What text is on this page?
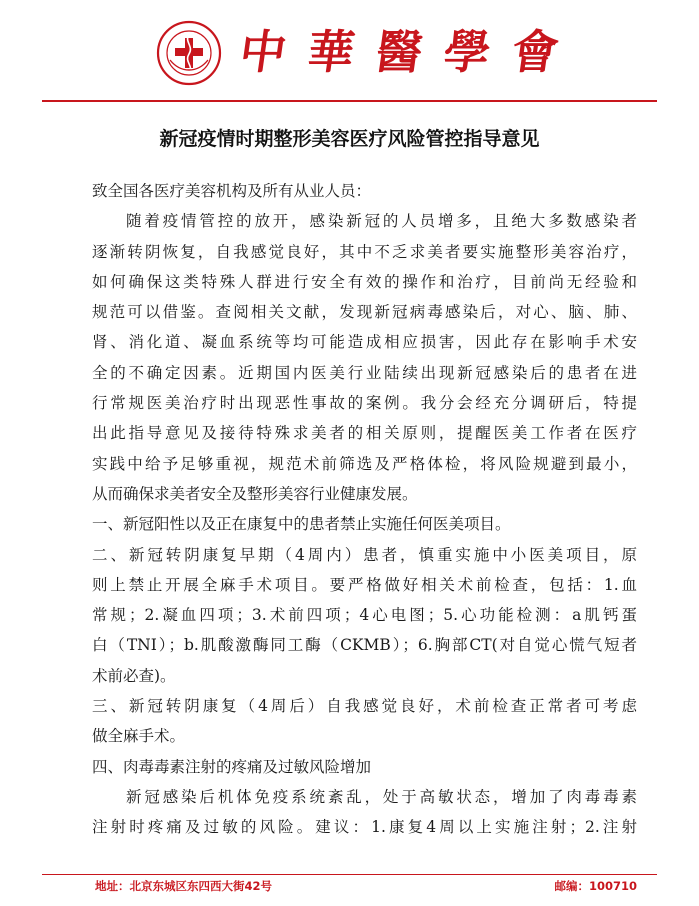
中華醫學會
新冠疫情时期整形美容医疗风险管控指导意见
致全国各医疗美容机构及所有从业人员：
随着疫情管控的放开，感染新冠的人员增多，且绝大多数感染者
逐渐转阴恢复，自我感觉良好，其中不乏求美者要实施整形美容治疗，
如何确保这类特殊人群进行安全有效的操作和治疗，目前尚无经验和
规范可以借鉴。查阅相关文献，发现新冠病毒感染后，对心、脑、肺、
肾、消化道、凝血系统等均可能造成相应损害，因此存在影响手术安
全的不确定因素。近期国内医美行业陆续出现新冠感染后的患者在进
行常规医美治疗时出现恶性事故的案例。我分会经充分调研后，特提
出此指导意见及接待特殊求美者的相关原则，提醒医美工作者在医疗
实践中给予足够重视，规范术前筛选及严格体检，将风险规避到最小，
从而确保求美者安全及整形美容行业健康发展。
一、新冠阳性以及正在康复中的患者禁止实施任何医美项目。
二、新冠转阴康复早期（4周内）患者，慎重实施中小医美项目，原
则上禁止开展全麻手术项目。要严格做好相关术前检查，包括：1.血
常规；2.凝血四项；3.术前四项；4心电图；5.心功能检测：a肌钙蛋
白（TNI）；b.肌酸激酶同工酶（CKMB）；6.胸部CT(对自觉心慌气短者
术前必查)。
三、新冠转阴康复（4周后）自我感觉良好，术前检查正常者可考虑
做全麻手术。
四、肉毒毒素注射的疼痛及过敏风险增加
新冠感染后机体免疫系统紊乱，处于高敏状态，增加了肉毒毒素
注射时疼痛及过敏的风险。建议：1.康复4周以上实施注射；2.注射
地址：北京东城区东四西大街42号	邮编：100710
